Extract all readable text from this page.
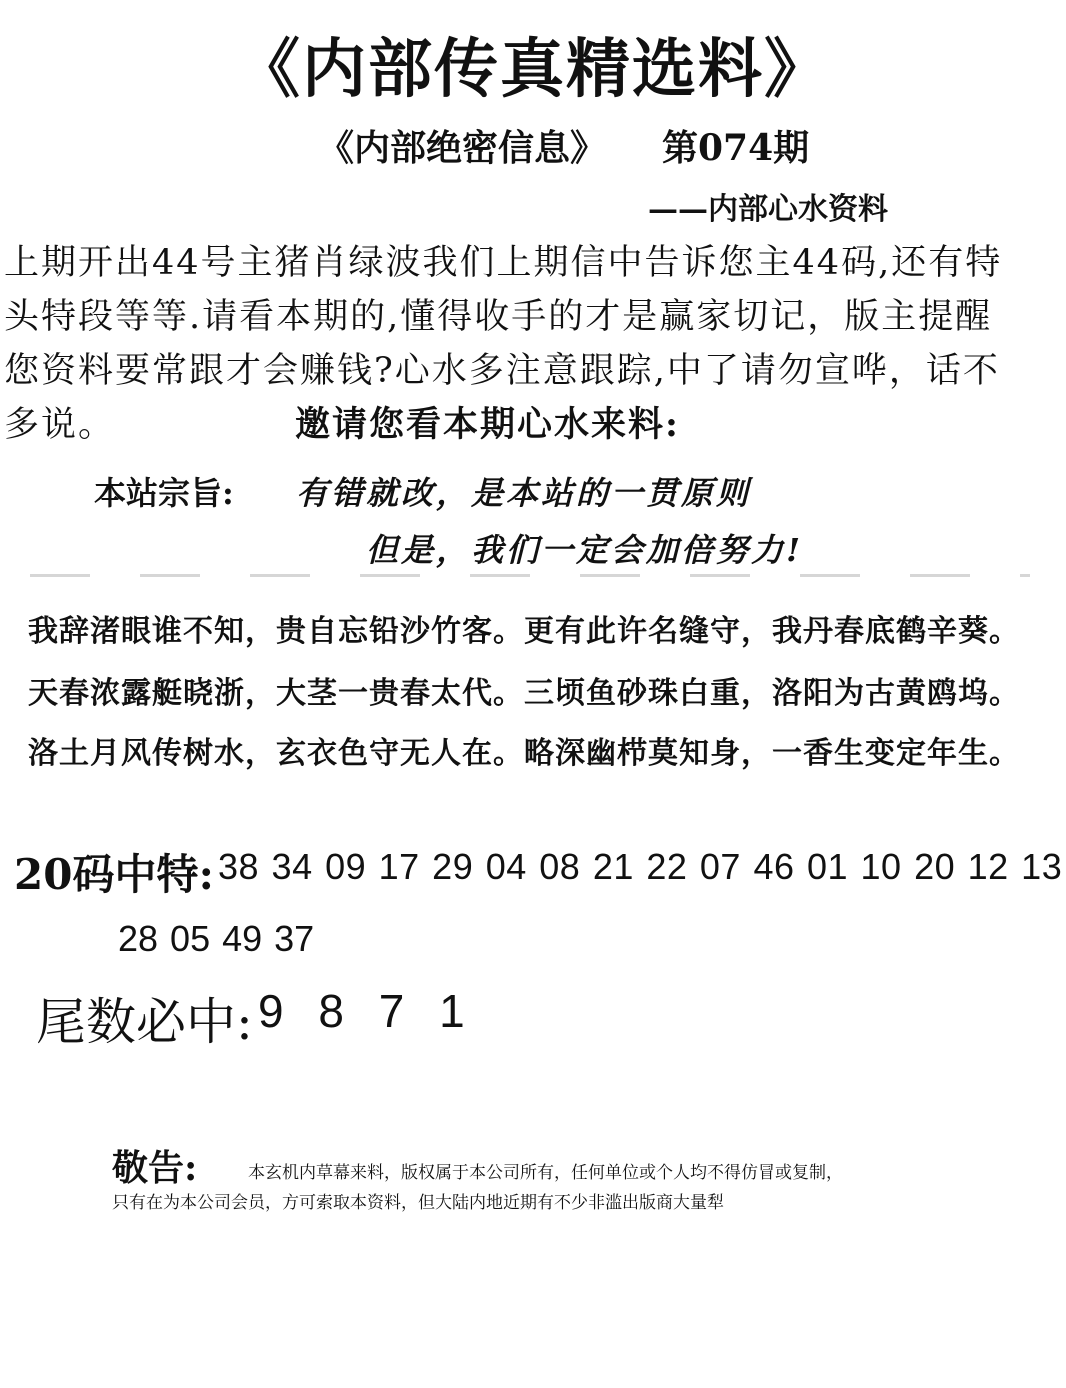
《内部传真精选料》
《内部绝密信息》 第074期
——内部心水资料
上期开出44号主猪肖绿波我们上期信中告诉您主44码,还有特
头特段等等.请看本期的,懂得收手的才是赢家切记，版主提醒
您资料要常跟才会赚钱?心水多注意跟踪,中了请勿宣哗，话不
多说。	邀请您看本期心水来料:
本站宗旨: 有错就改，是本站的一贯原则
但是，我们一定会加倍努力!
我辞渚眼谁不知，贵自忘铅沙竹客。更有此许名缝守，我丹春底鹤辛葵。
天春浓露艇晓浙，大茎一贵春太代。三顷鱼砂珠白重，洛阳为古黄鸥坞。
洛土月风传树水，玄衣色守无人在。略深幽栉莫知身，一香生变定年生。
20码中特: 38 34 09 17 29 04 08 21 22 07 46 01 10 20 12 13
28 05 49 37
尾数必中: 9 8 7 1
敬告:	本玄机内草幕来料，版权属于本公司所有，任何单位或个人均不得仿冒或复制，
只有在为本公司会员，方可索取本资料，但大陆内地近期有不少非滥出版商大量犁
